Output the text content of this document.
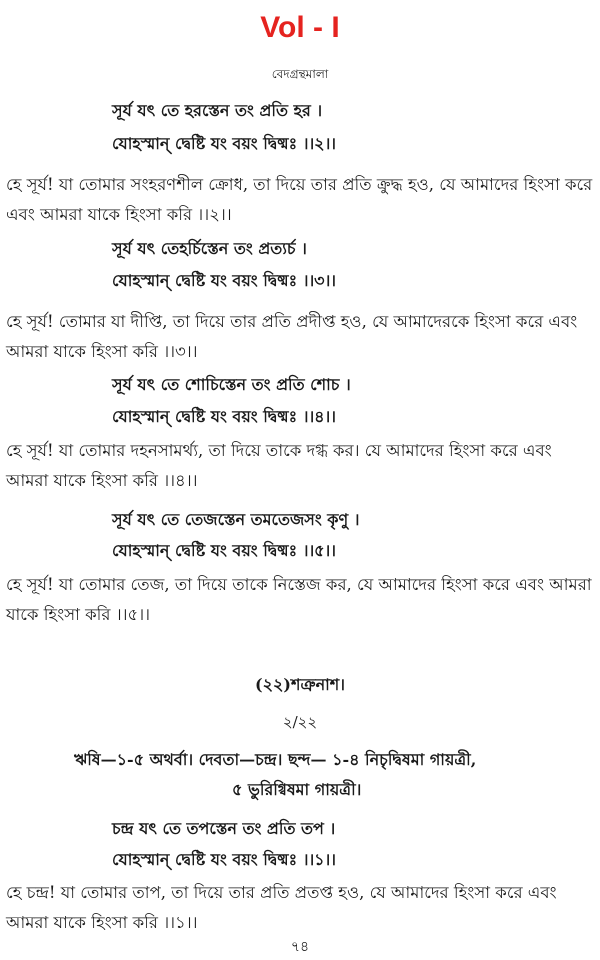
Vol - I
বেদগ্রন্থমালা
সূর্য যৎ তে হরস্তেন তং প্রতি হর ।
যোহস্মান্ দ্বেষ্টি যং বয়ং দ্বিষ্মঃ ।।২।।

হে সূর্য! যা তোমার সংহরণশীল ক্রোধ, তা দিয়ে তার প্রতি ক্রুদ্ধ হও, যে আমাদের হিংসা করে এবং আমরা যাকে হিংসা করি ।।২।।

সূর্য যৎ তেহর্চিস্তেন তং প্রত্যর্চ ।
যোহস্মান্ দ্বেষ্টি যং বয়ং দ্বিষ্মঃ ।।৩।।

হে সূর্য! তোমার যা দীপ্তি, তা দিয়ে তার প্রতি প্রদীপ্ত হও, যে আমাদেরকে হিংসা করে এবং আমরা যাকে হিংসা করি ।।৩।।

সূর্য যৎ তে শোচিস্তেন তং প্রতি শোচ ।
যোহস্মান্ দ্বেষ্টি যং বয়ং দ্বিষ্মঃ ।।৪।।

হে সূর্য! যা তোমার দহনসামর্থ্য, তা দিয়ে তাকে দগ্ধ কর। যে আমাদের হিংসা করে এবং আমরা যাকে হিংসা করি ।।৪।।

সূর্য যৎ তে তেজস্তেন তমতেজসং কৃণু ।
যোহস্মান্ দ্বেষ্টি যং বয়ং দ্বিষ্মঃ ।।৫।।

হে সূর্য! যা তোমার তেজ, তা দিয়ে তাকে নিস্তেজ কর, যে আমাদের হিংসা করে এবং আমরা যাকে হিংসা করি ।।৫।।

(২২)শত্রুনাশ।
২/২২
ঋষি—১-৫ অথর্বা। দেবতা—চন্দ্র। ছন্দ— ১-৪ নিচৃদ্বিষমা গায়ত্রী,
৫ ভুরিগ্বিষমা গায়ত্রী।
চন্দ্র যৎ তে তপস্তেন তং প্রতি তপ ।
যোহস্মান্ দ্বেষ্টি যং বয়ং দ্বিষ্মঃ ।।১।।

হে চন্দ্র! যা তোমার তাপ, তা দিয়ে তার প্রতি প্রতপ্ত হও, যে আমাদের হিংসা করে এবং আমরা যাকে হিংসা করি ।।১।।

৭৪
